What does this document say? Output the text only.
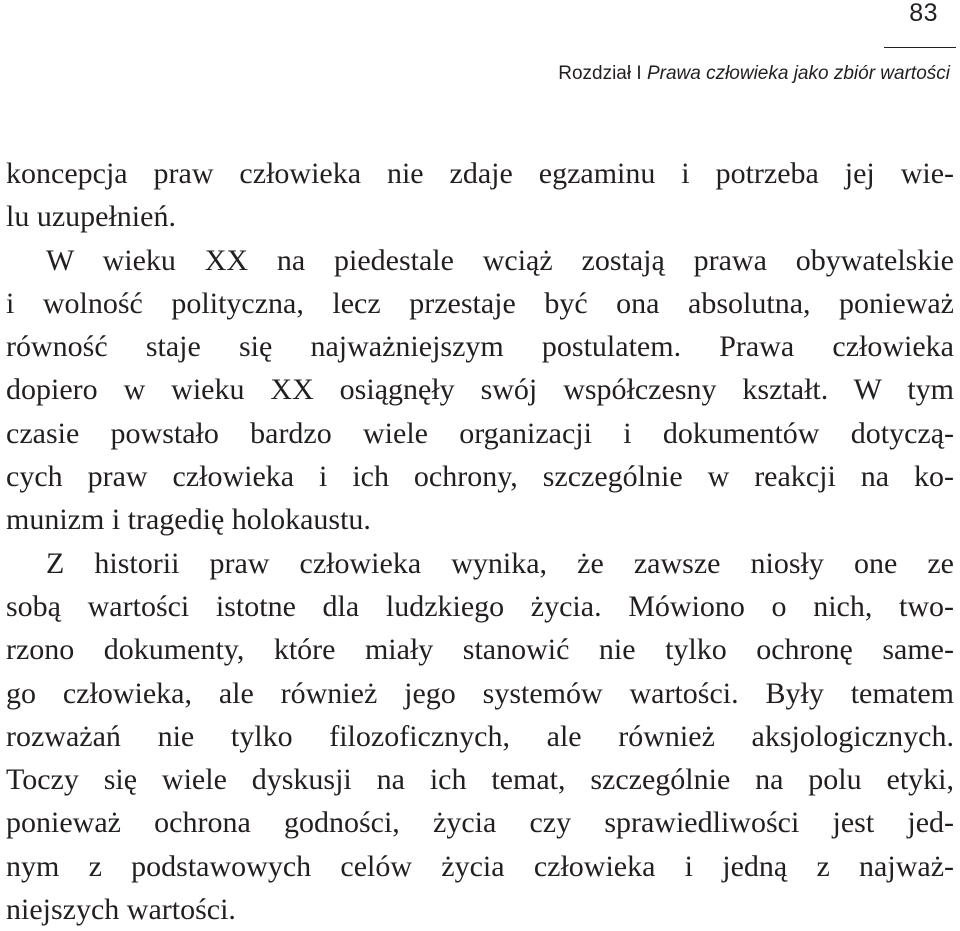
83
Rozdział I Prawa człowieka jako zbiór wartości
koncepcja praw człowieka nie zdaje egzaminu i potrzeba jej wie-
lu uzupełnień.
W wieku XX na piedestale wciąż zostają prawa obywatelskie
i wolność polityczna, lecz przestaje być ona absolutna, ponieważ
równość staje się najważniejszym postulatem. Prawa człowieka
dopiero w wieku XX osiągnęły swój współczesny kształt. W tym
czasie powstało bardzo wiele organizacji i dokumentów dotyczą-
cych praw człowieka i ich ochrony, szczególnie w reakcji na ko-
munizm i tragedię holokaustu.
Z historii praw człowieka wynika, że zawsze niosły one ze
sobą wartości istotne dla ludzkiego życia. Mówiono o nich, two-
rzono dokumenty, które miały stanowić nie tylko ochronę same-
go człowieka, ale również jego systemów wartości. Były tematem
rozważań nie tylko filozoficznych, ale również aksjologicznych.
Toczy się wiele dyskusji na ich temat, szczególnie na polu etyki,
ponieważ ochrona godności, życia czy sprawiedliwości jest jed-
nym z podstawowych celów życia człowieka i jedną z najważ-
niejszych wartości.
